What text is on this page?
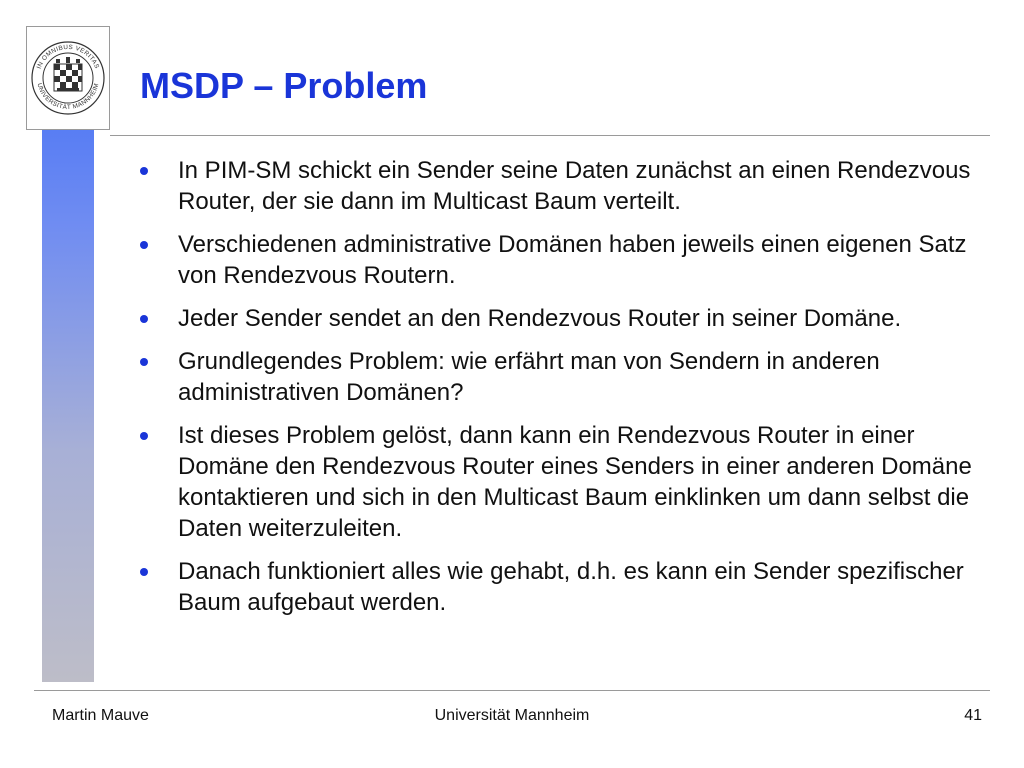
IN OMNIBUS VERITAS
UNIVERSITÄT MANNHEIM MSDP – Problem
In PIM-SM schickt ein Sender seine Daten zunächst an einen Rendezvous Router, der sie dann im Multicast Baum verteilt.
Verschiedenen administrative Domänen haben jeweils einen eigenen Satz von Rendezvous Routern.
Jeder Sender sendet an den Rendezvous Router in seiner Domäne.
Grundlegendes Problem: wie erfährt man von Sendern in anderen administrativen Domänen?
Ist dieses Problem gelöst, dann kann ein Rendezvous Router in einer Domäne den Rendezvous Router eines Senders in einer anderen Domäne kontaktieren und sich in den Multicast Baum einklinken um dann selbst die Daten weiterzuleiten.
Danach funktioniert alles wie gehabt, d.h. es kann ein Sender spezifischer Baum aufgebaut werden.
Universität Mannheim
Martin Mauve	41
